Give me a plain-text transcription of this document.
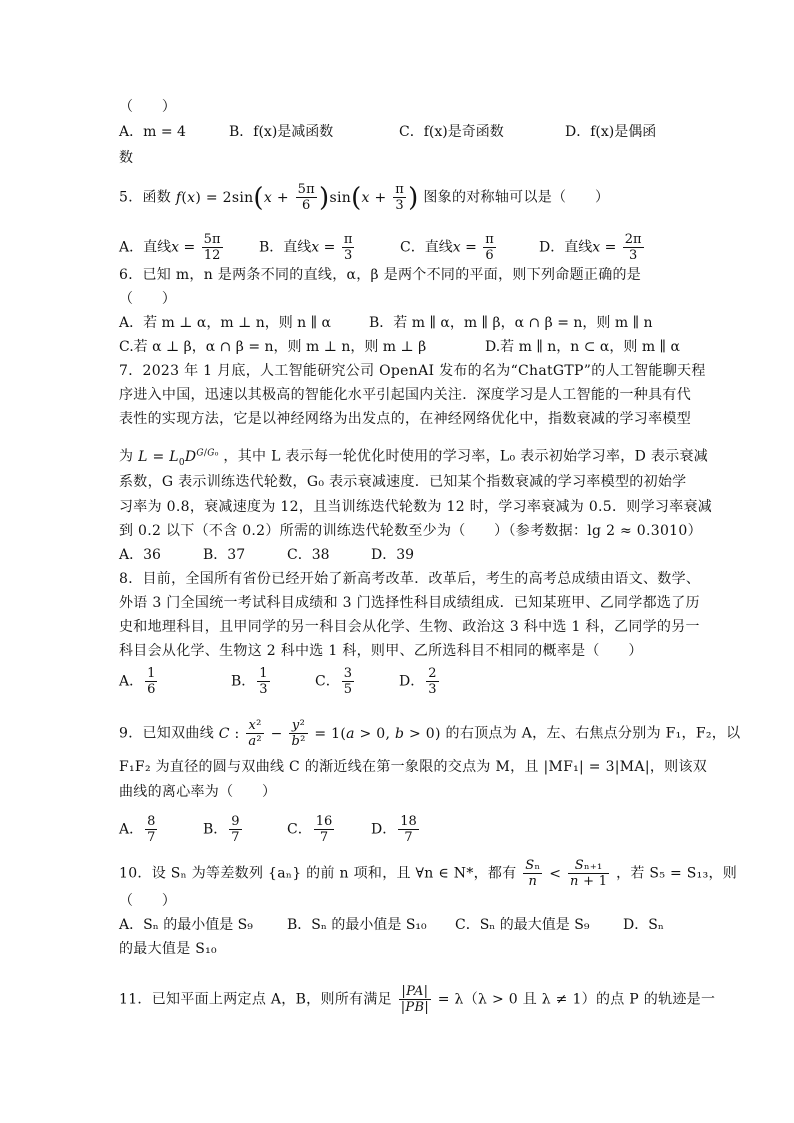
（　　）
A．m = 4	B．f(x)是减函数	C．f(x)是奇函数	D．f(x)是偶函
数
5．函数 $f(x) = 2\sin(x + \frac{5\pi}{6} )\sin(x + \frac{\pi}{3}$ ) 图象的对称轴可以是（　　）
A．直线$x = \frac{5\pi}{12}$	B．直线$x = \frac{\pi}{3}$	C．直线$x = \frac{\pi}{6}$	D．直线$x = \frac{2\pi}{3}$
6．已知 m，n 是两条不同的直线，α，β 是两个不同的平面，则下列命题正确的是
（　　）
A．若 m ⊥ α，m ⊥ n，则 n ∥ α	B．若 m ∥ α，m ∥ β，α ∩ β = n，则 m ∥ n
C.若 α ⊥ β，α ∩ β = n，则 m ⊥ n，则 m ⊥ β	D.若 m ∥ n，n ⊂ α，则 m ∥ α
7．2023 年 1 月底，人工智能研究公司 OpenAI 发布的名为“ChatGTP”的人工智能聊天程
序进入中国，迅速以其极高的智能化水平引起国内关注．深度学习是人工智能的一种具有代
表性的实现方法，它是以神经网络为出发点的，在神经网络优化中，指数衰减的学习率模型
为 $L = L_0D^{G/G_0}$ ，其中 L 表示每一轮优化时使用的学习率，L₀ 表示初始学习率，D 表示衰减
系数，G 表示训练迭代轮数，G₀ 表示衰减速度．已知某个指数衰减的学习率模型的初始学
习率为 0.8，衰减速度为 12，且当训练迭代轮数为 12 时，学习率衰减为 0.5．则学习率衰减
到 0.2 以下（不含 0.2）所需的训练迭代轮数至少为（　　）（参考数据：lg 2 ≈ 0.3010）
A．36	B．37	C．38	D．39
8．目前，全国所有省份已经开始了新高考改革．改革后，考生的高考总成绩由语文、数学、
外语 3 门全国统一考试科目成绩和 3 门选择性科目成绩组成．已知某班甲、乙同学都选了历
史和地理科目，且甲同学的另一科目会从化学、生物、政治这 3 科中选 1 科，乙同学的另一
科目会从化学、生物这 2 科中选 1 科，则甲、乙所选科目不相同的概率是（　　）
A． $\frac{1}{6}$	B． $\frac{1}{3}$	C． $\frac{3}{5}$	D． $\frac{2}{3}$
9．已知双曲线 C : $\frac{\text{x²}}{\text{a²}} - \frac{\text{y²}}{\text{b²}} = 1(a > 0$, b > 0) 的右顶点为 A，左、右焦点分别为 F₁，F₂，以
F₁F₂ 为直径的圆与双曲线 C 的渐近线在第一象限的交点为 M，且 |MF₁| = 3|MA|，则该双
曲线的离心率为（　　）
A． $\frac{8}{7}$	B． $\frac{9}{7}$	C． $\frac{16}{7}$	D． $\frac{18}{7}$
10．设 Sₙ 为等差数列 {aₙ} 的前 n 项和，且 ∀n ∈ N*，都有 $\frac{\text{Sₙ}}{n} < \frac{\text{Sₙ₊₁}}{n + 1}$ ，若 S₅ = S₁₃，则
（　　）
A．Sₙ 的最小值是 S₉ B．Sₙ 的最小值是 S₁₀ C．Sₙ 的最大值是 S₉ D．Sₙ
的最大值是 S₁₀
11．已知平面上两定点 A，B，则所有满足 $\frac{|PA|}{|PB|} = \lambda(\lambda > 0$ 且 λ ≠ 1）的点 P 的轨迹是一
